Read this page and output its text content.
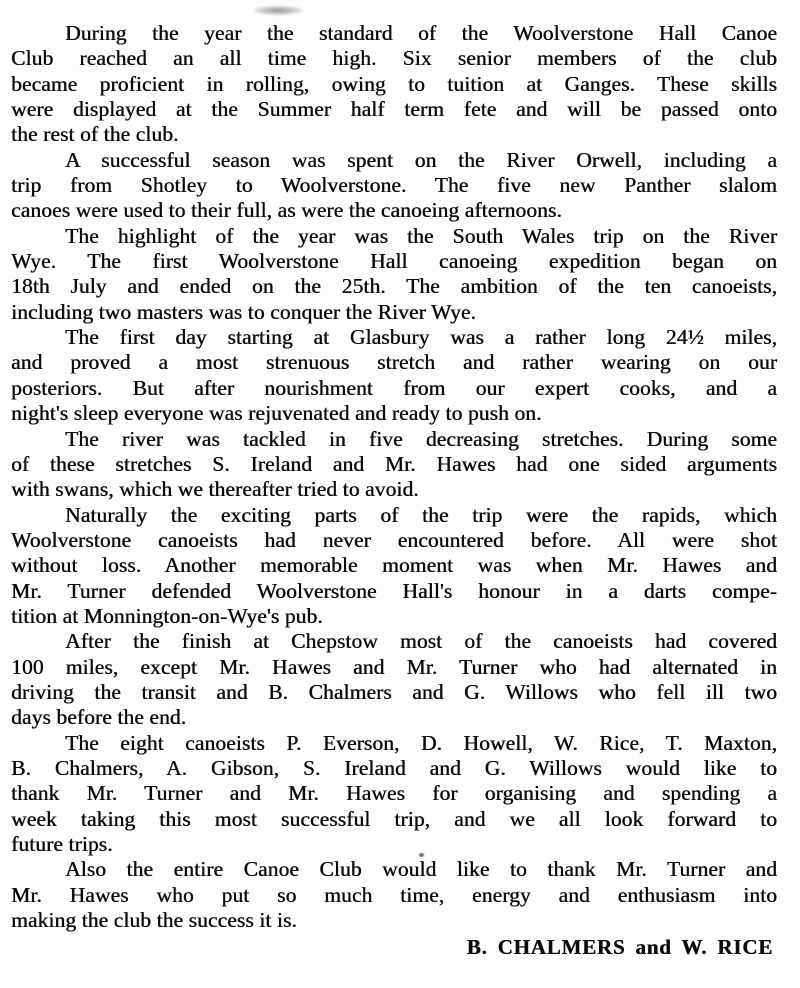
During the year the standard of the Woolverstone Hall Canoe
Club reached an all time high. Six senior members of the club
became proficient in rolling, owing to tuition at Ganges. These skills
were displayed at the Summer half term fete and will be passed onto
the rest of the club.
A successful season was spent on the River Orwell, including a
trip from Shotley to Woolverstone. The five new Panther slalom
canoes were used to their full, as were the canoeing afternoons.
The highlight of the year was the South Wales trip on the River
Wye. The first Woolverstone Hall canoeing expedition began on
18th July and ended on the 25th. The ambition of the ten canoeists,
including two masters was to conquer the River Wye.
The first day starting at Glasbury was a rather long 24½ miles,
and proved a most strenuous stretch and rather wearing on our
posteriors. But after nourishment from our expert cooks, and a
night's sleep everyone was rejuvenated and ready to push on.
The river was tackled in five decreasing stretches. During some
of these stretches S. Ireland and Mr. Hawes had one sided arguments
with swans, which we thereafter tried to avoid.
Naturally the exciting parts of the trip were the rapids, which
Woolverstone canoeists had never encountered before. All were shot
without loss. Another memorable moment was when Mr. Hawes and
Mr. Turner defended Woolverstone Hall's honour in a darts compe-
tition at Monnington-on-Wye's pub.
After the finish at Chepstow most of the canoeists had covered
100 miles, except Mr. Hawes and Mr. Turner who had alternated in
driving the transit and B. Chalmers and G. Willows who fell ill two
days before the end.
The eight canoeists P. Everson, D. Howell, W. Rice, T. Maxton,
B. Chalmers, A. Gibson, S. Ireland and G. Willows would like to
thank Mr. Turner and Mr. Hawes for organising and spending a
week taking this most successful trip, and we all look forward to
future trips.
Also the entire Canoe Club would like to thank Mr. Turner and
Mr. Hawes who put so much time, energy and enthusiasm into
making the club the success it is.
B. CHALMERS and W. RICE
